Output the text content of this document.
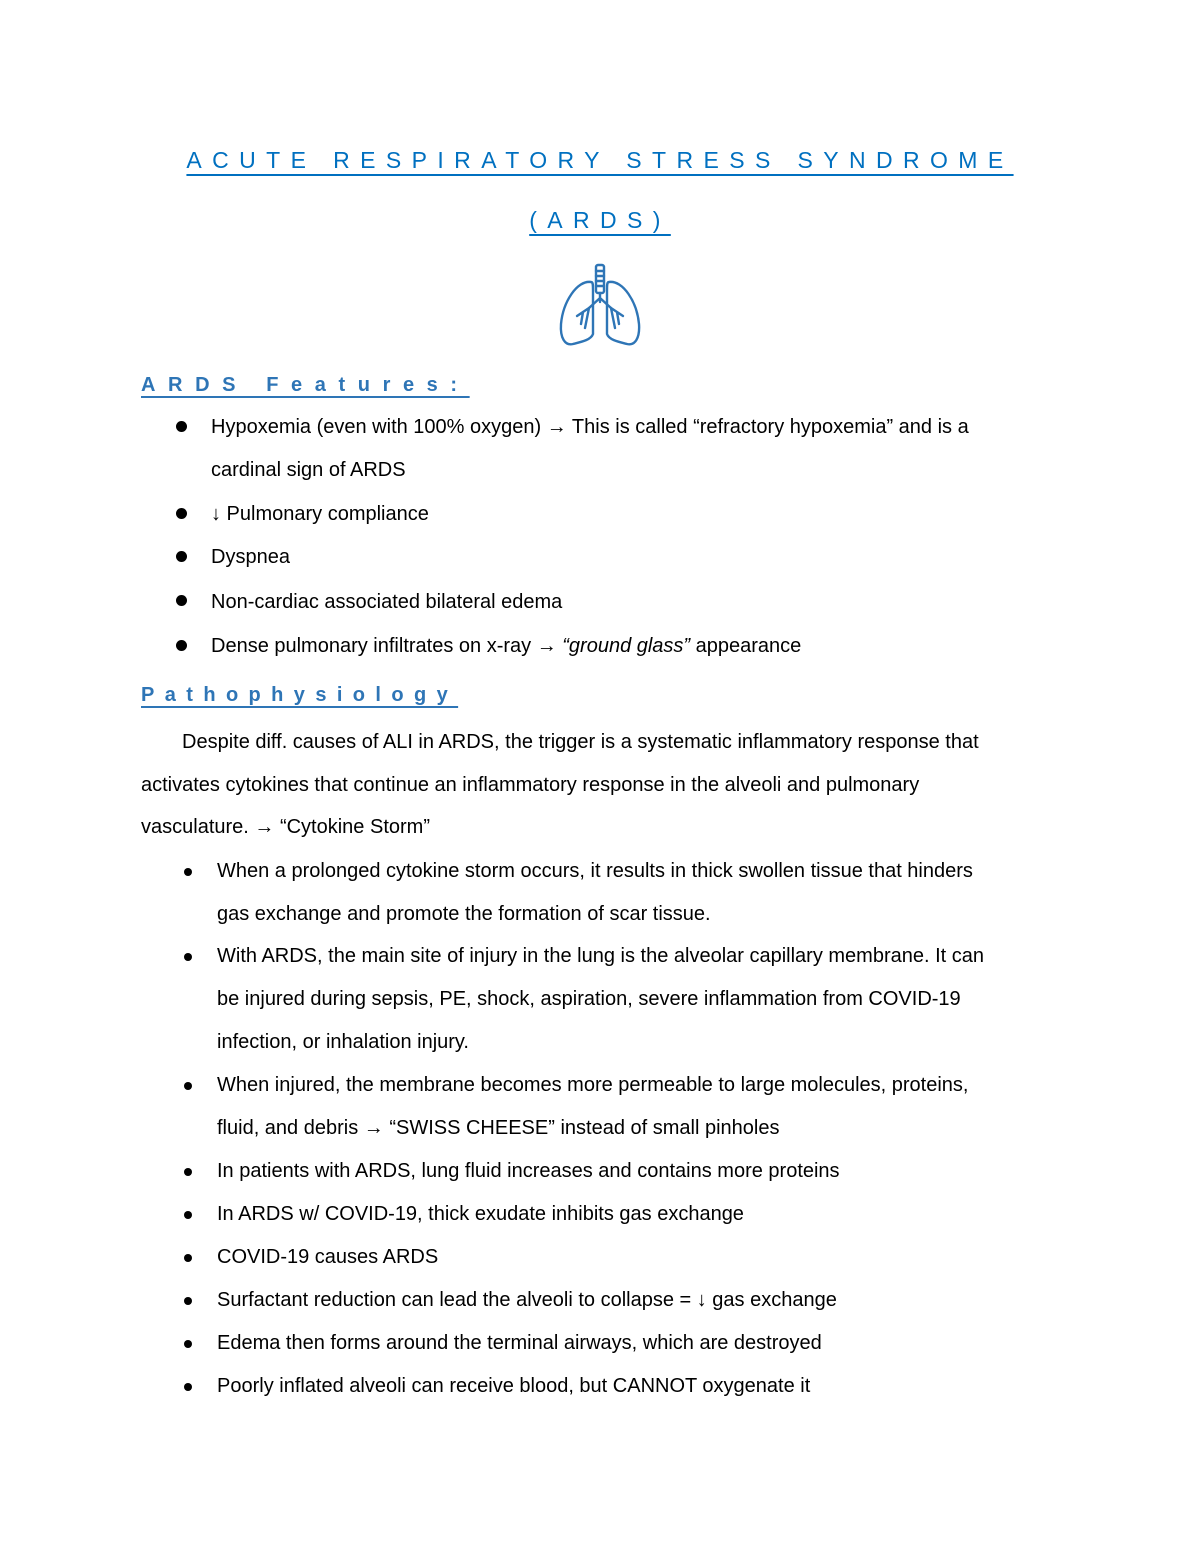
ACUTE RESPIRATORY STRESS SYNDROME
(ARDS)
ARDS Features:
Hypoxemia (even with 100% oxygen) → This is called “refractory hypoxemia” and is a
cardinal sign of ARDS
↓ Pulmonary compliance
Dyspnea
Non-cardiac associated bilateral edema
Dense pulmonary infiltrates on x-ray → “ground glass” appearance
Pathophysiology
Despite diff. causes of ALI in ARDS, the trigger is a systematic inflammatory response that
activates cytokines that continue an inflammatory response in the alveoli and pulmonary
vasculature. → “Cytokine Storm”
When a prolonged cytokine storm occurs, it results in thick swollen tissue that hinders
gas exchange and promote the formation of scar tissue.
With ARDS, the main site of injury in the lung is the alveolar capillary membrane. It can
be injured during sepsis, PE, shock, aspiration, severe inflammation from COVID-19
infection, or inhalation injury.
When injured, the membrane becomes more permeable to large molecules, proteins,
fluid, and debris → “SWISS CHEESE” instead of small pinholes
In patients with ARDS, lung fluid increases and contains more proteins
In ARDS w/ COVID-19, thick exudate inhibits gas exchange
COVID-19 causes ARDS
Surfactant reduction can lead the alveoli to collapse = ↓ gas exchange
Edema then forms around the terminal airways, which are destroyed
Poorly inflated alveoli can receive blood, but CANNOT oxygenate it
